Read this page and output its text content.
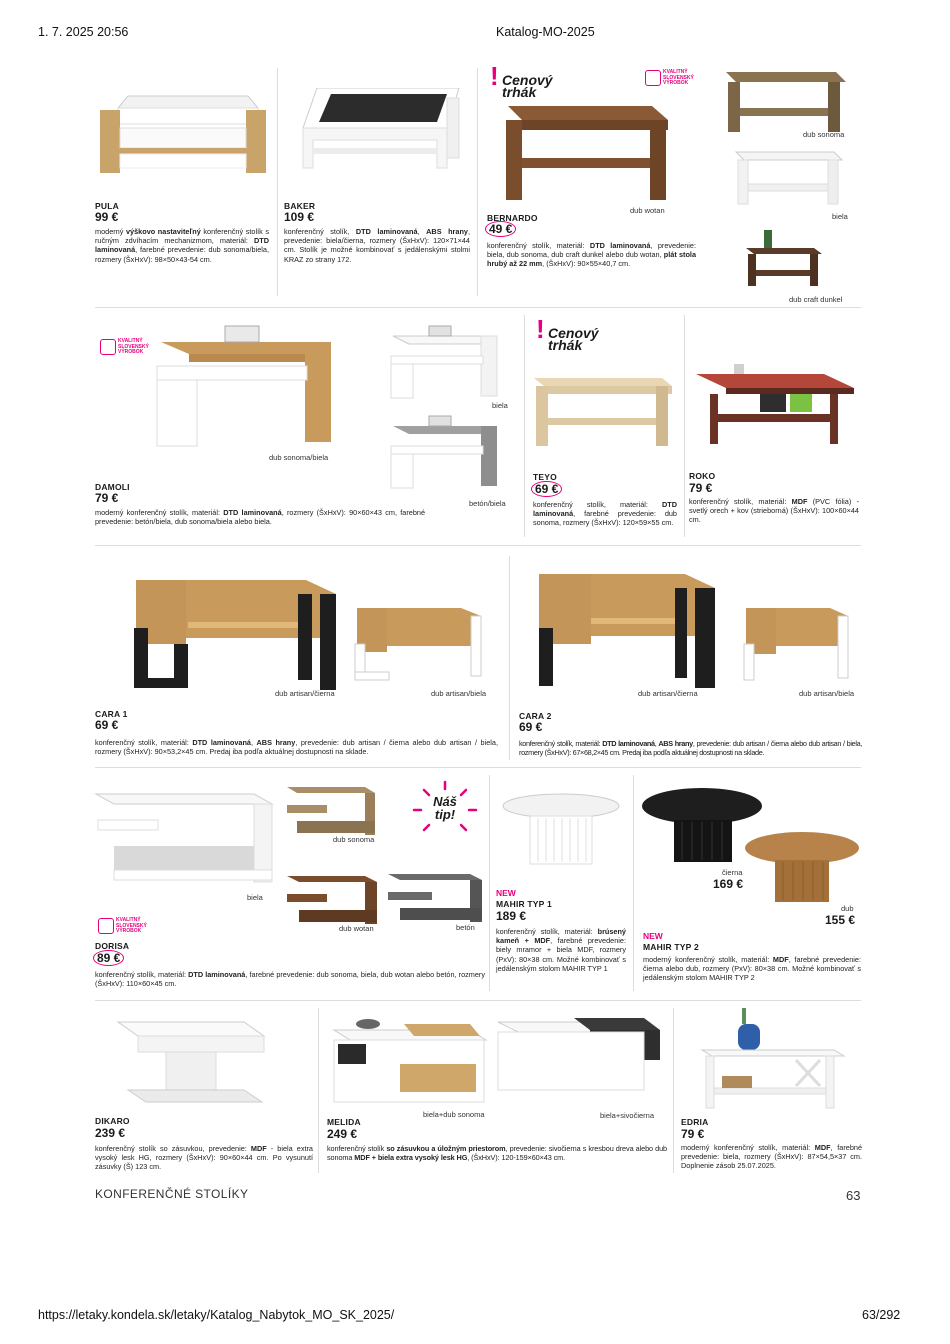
1. 7. 2025 20:56	Katalog-MO-2025
https://letaky.kondela.sk/letaky/Katalog_Nabytok_MO_SK_2025/	63/292
PULA
99 €
moderný výškovo nastaviteľný konferenčný stolík s ručným zdvíhacím mechanizmom, materiál: DTD laminovaná, farebné prevedenie: dub sonoma/biela, rozmery (ŠxHxV): 98×50×43-54 cm.
BAKER
109 €
konferenčný stolík, DTD laminovaná, ABS hrany, prevedenie: biela/čierna, rozmery (ŠxHxV): 120×71×44 cm. Stolík je možné kombinovať s jedálenskými stolmi KRAZ zo strany 172.
! Cenový
trhák
KVALITNÝ
SLOVENSKÝ
VÝROBOK
dub wotan
dub sonoma
biela
dub craft dunkel
BERNARDO
49 €
konferenčný stolík, materiál: DTD laminovaná, prevedenie: biela, dub sonoma, dub craft dunkel alebo dub wotan, plát stola hrubý až 22 mm, (ŠxHxV): 90×55×40,7 cm.
KVALITNÝ
SLOVENSKÝ
VÝROBOK
dub sonoma/biela
biela
betón/biela
DAMOLI
79 €
moderný konferenčný stolík, materiál: DTD laminovaná, rozmery (ŠxHxV): 90×60×43 cm, farebné prevedenie: betón/biela, dub sonoma/biela alebo biela.
! Cenový
trhák
TEYO
69 €
konferenčný stolík, materiál: DTD laminovaná, farebné prevedenie: dub sonoma, rozmery (ŠxHxV): 120×59×55 cm.
ROKO
79 €
konferenčný stolík, materiál: MDF (PVC fólia) - svetlý orech + kov (strieborná) (ŠxHxV): 100×60×44 cm.
dub artisan/čierna	dub artisan/biela
CARA 1
69 €
konferenčný stolík, materiál: DTD laminovaná, ABS hrany, prevedenie: dub artisan / čierna alebo dub artisan / biela, rozmery (ŠxHxV): 90×53,2×45 cm. Predaj iba podľa aktuálnej dostupnosti na sklade.
dub artisan/čierna	dub artisan/biela
CARA 2
69 €
konferenčný stolík, materiál: DTD laminovaná, ABS hrany, prevedenie: dub artisan / čierna alebo dub artisan / biela, rozmery (ŠxHxV): 67×68,2×45 cm. Predaj iba podľa aktuálnej dostupnosti na sklade.
biela
dub sonoma
dub wotan	betón
KVALITNÝ
SLOVENSKÝ
VÝROBOK
DORISA
89 €
konferenčný stolík, materiál: DTD laminovaná, farebné prevedenie: dub sonoma, biela, dub wotan alebo betón, rozmery (ŠxHxV): 110×60×45 cm.
Náš
tip!
NEW
MAHIR TYP 1
189 €
konferenčný stolík, materiál: brúsený kameň + MDF, farebné prevedenie: biely mramor + biela MDF, rozmery (PxV): 80×38 cm. Možné kombinovať s jedálenským stolom MAHIR TYP 1
čierna
169 €
dub
155 €
NEW
MAHIR TYP 2
moderný konferenčný stolík, materiál: MDF, farebné prevedenie: čierna alebo dub, rozmery (PxV): 80×38 cm. Možné kombinovať s jedálenským stolom MAHIR TYP 2
DIKARO
239 €
konferenčný stolík so zásuvkou, prevedenie: MDF - biela extra vysoký lesk HG, rozmery (ŠxHxV): 90×60×44 cm. Po vysunutí zásuvky (Š) 123 cm.
biela+dub sonoma	biela+sivočierna
MELIDA
249 €
konferenčný stolík so zásuvkou a úložným priestorom, prevedenie: sivočierna s kresbou dreva alebo dub sonoma MDF + biela extra vysoký lesk HG, (ŠxHxV): 120-159×60×43 cm.
EDRIA
79 €
moderný konferenčný stolík, materiál: MDF, farebné prevedenie: biela, rozmery (ŠxHxV): 87×54,5×37 cm. Doplnenie zásob 25.07.2025.
KONFERENČNÉ STOLÍKY	63
